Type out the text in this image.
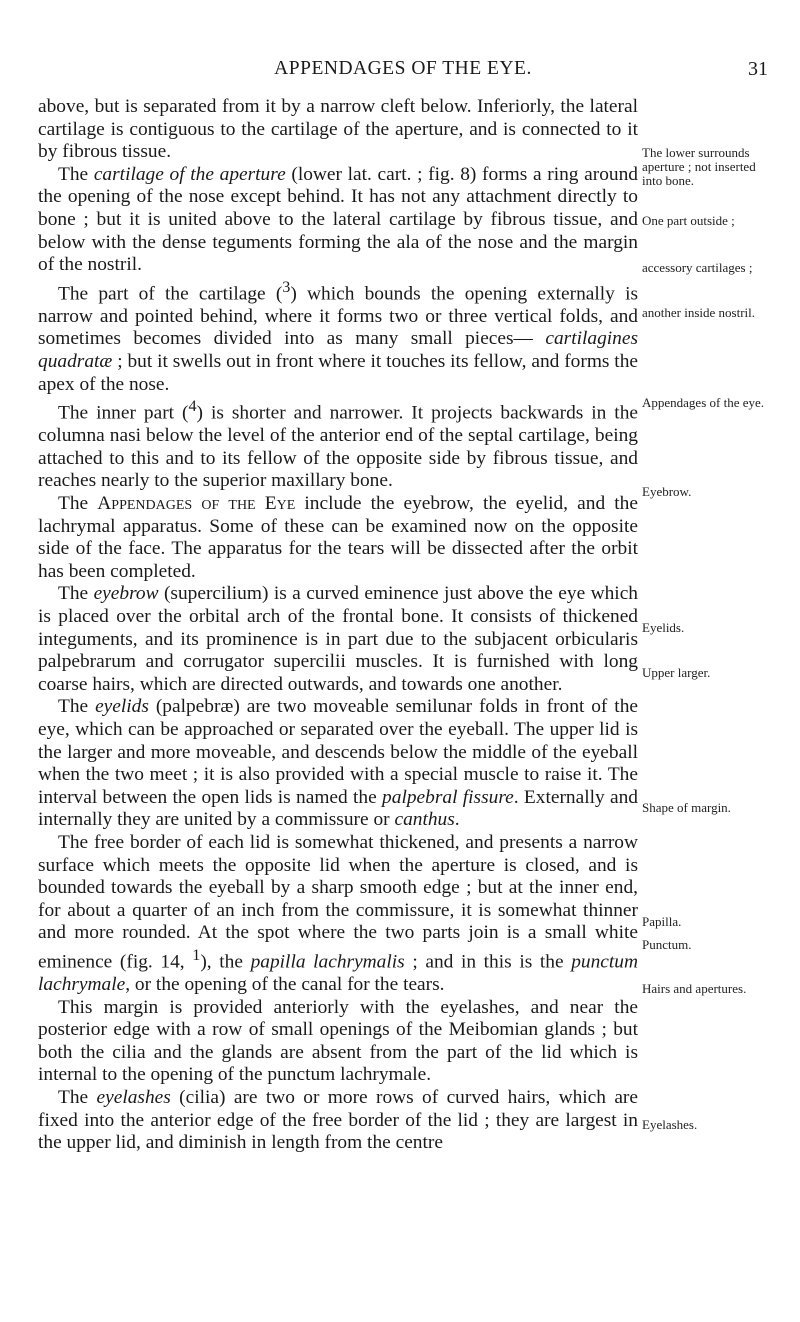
APPENDAGES OF THE EYE.	31

above, but is separated from it by a narrow cleft below. Inferiorly, the lateral cartilage is contiguous to the cartilage of the aperture, and is connected to it by fibrous tissue.

The cartilage of the aperture (lower lat. cart. ; fig. 8) forms a ring around the opening of the nose except behind. It has not any attachment directly to bone ; but it is united above to the lateral cartilage by fibrous tissue, and below with the dense teguments forming the ala of the nose and the margin of the nostril.

The part of the cartilage ($^3$) which bounds the opening externally is narrow and pointed behind, where it forms two or three vertical folds, and sometimes becomes divided into as many small pieces— cartilagines quadratæ ; but it swells out in front where it touches its fellow, and forms the apex of the nose.

The inner part ($^4$) is shorter and narrower. It projects backwards in the columna nasi below the level of the anterior end of the septal cartilage, being attached to this and to its fellow of the opposite side by fibrous tissue, and reaches nearly to the superior maxillary bone.

The Appendages of the Eye include the eyebrow, the eyelid, and the lachrymal apparatus. Some of these can be examined now on the opposite side of the face. The apparatus for the tears will be dissected after the orbit has been completed.

The eyebrow (supercilium) is a curved eminence just above the eye which is placed over the orbital arch of the frontal bone. It consists of thickened integuments, and its prominence is in part due to the subjacent orbicularis palpebrarum and corrugator supercilii muscles. It is furnished with long coarse hairs, which are directed outwards, and towards one another.

The eyelids (palpebræ) are two moveable semilunar folds in front of the eye, which can be approached or separated over the eyeball. The upper lid is the larger and more moveable, and descends below the middle of the eyeball when the two meet ; it is also provided with a special muscle to raise it. The interval between the open lids is named the palpebral fissure. Externally and internally they are united by a commissure or canthus.

The free border of each lid is somewhat thickened, and presents a narrow surface which meets the opposite lid when the aperture is closed, and is bounded towards the eyeball by a sharp smooth edge ; but at the inner end, for about a quarter of an inch from the commissure, it is somewhat thinner and more rounded. At the spot where the two parts join is a small white eminence (fig. 14, $^1$), the papilla lachrymalis ; and in this is the punctum lachrymale, or the opening of the canal for the tears.

This margin is provided anteriorly with the eyelashes, and near the posterior edge with a row of small openings of the Meibomian glands ; but both the cilia and the glands are absent from the part of the lid which is internal to the opening of the punctum lachrymale.

The eyelashes (cilia) are two or more rows of curved hairs, which are fixed into the anterior edge of the free border of the lid ; they are largest in the upper lid, and diminish in length from the centre

The lower surrounds aperture ; not inserted into bone.
One part outside ;
accessory cartilages ;
another inside nostril.
Appendages of the eye.
Eyebrow.
Eyelids.
Upper larger.
Shape of margin.
Papilla.
Punctum.
Hairs and apertures.
Eyelashes.
